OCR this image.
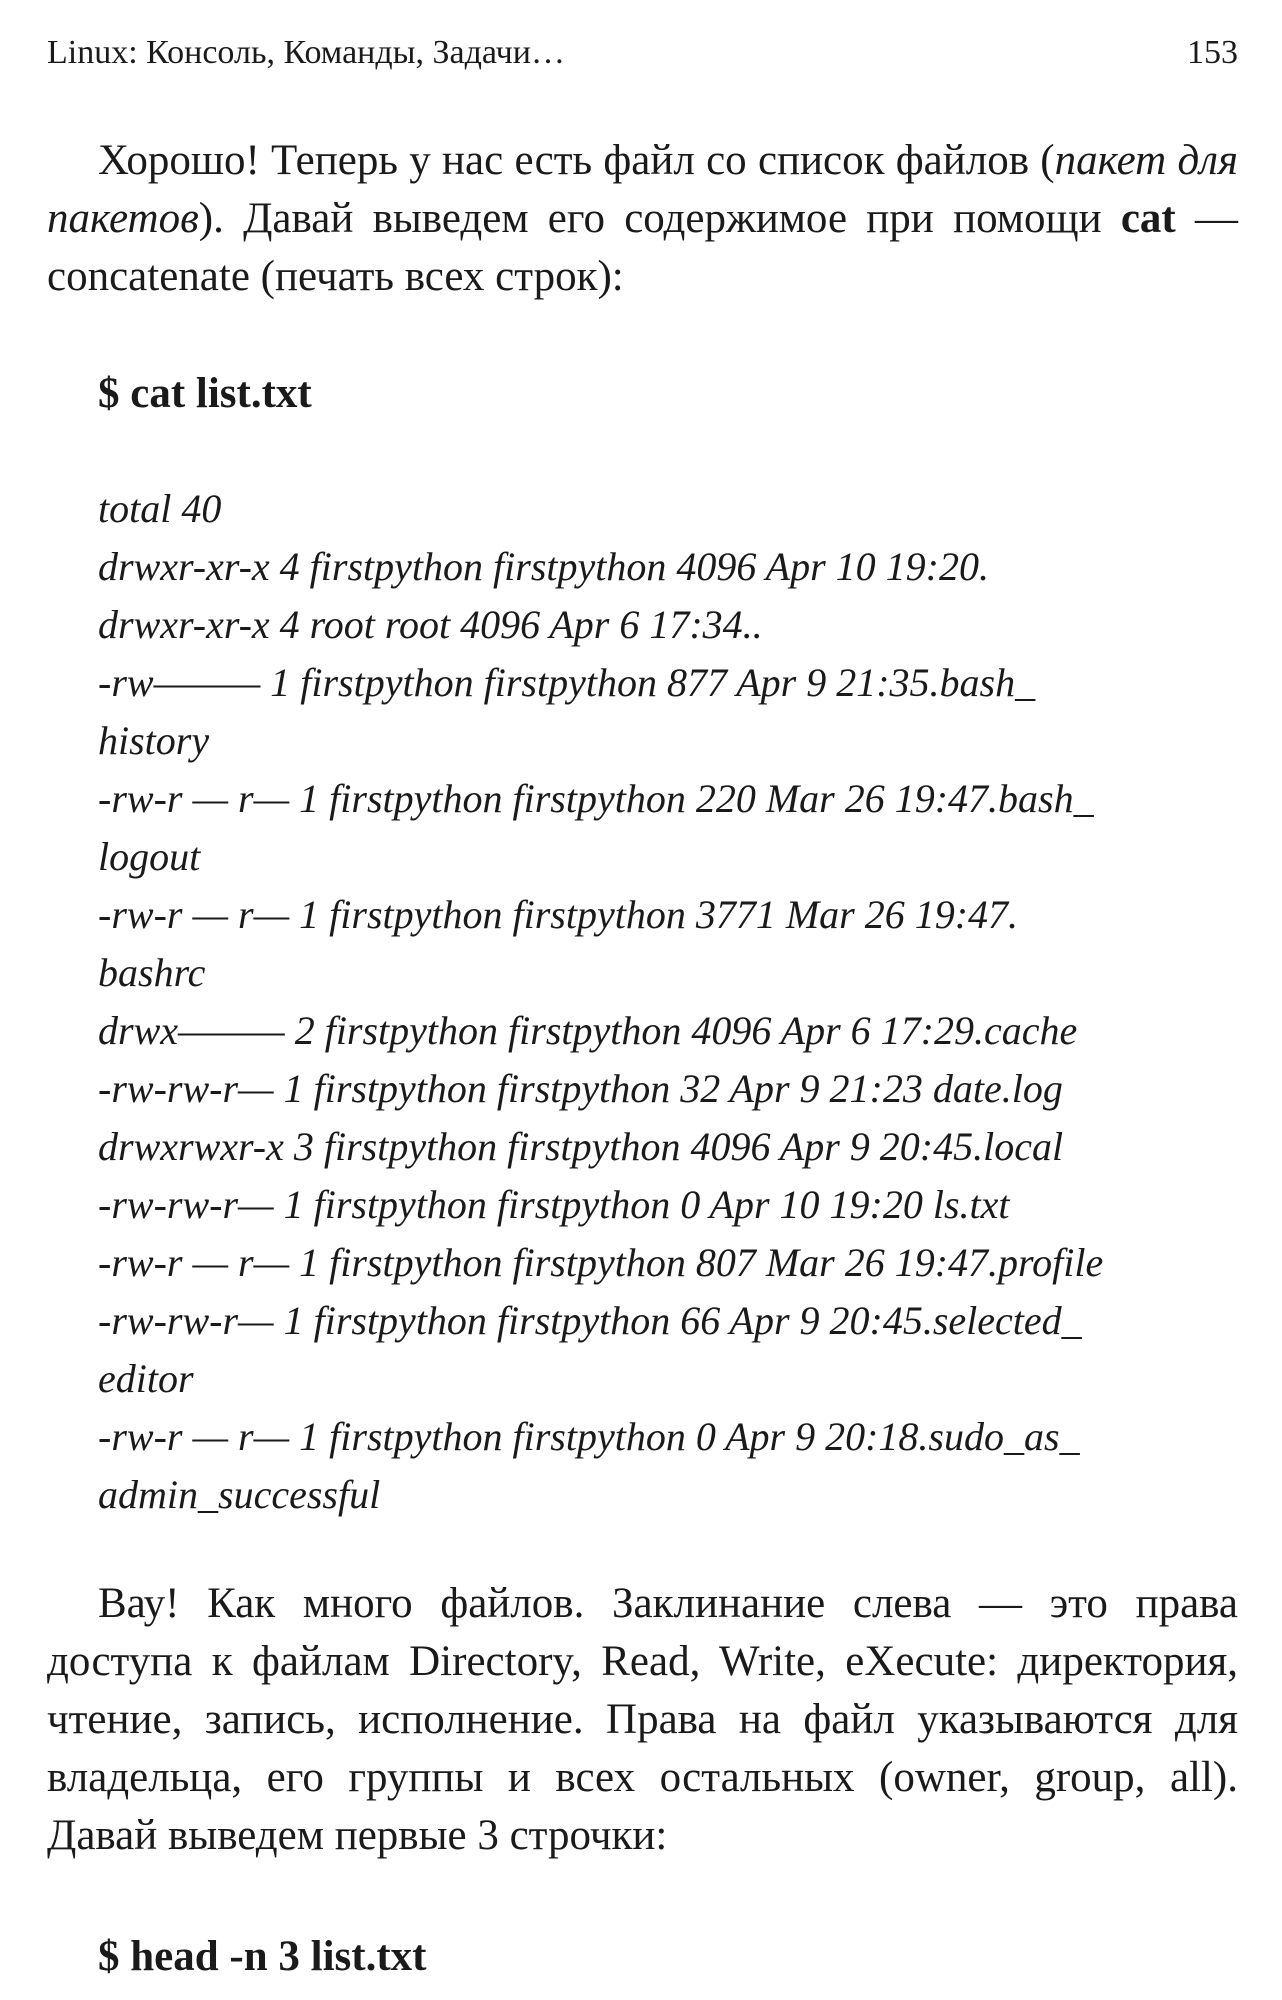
Linux: Консоль, Команды, Задачи…	153

Хорошо! Теперь у нас есть файл со список файлов (пакет для пакетов). Давай выведем его содержимое при помощи cat — concatenate (печать всех строк):

$ cat list.txt
total 40
drwxr-xr-x 4 firstpython firstpython 4096 Apr 10 19:20.
drwxr-xr-x 4 root root 4096 Apr 6 17:34..
-rw——— 1 firstpython firstpython 877 Apr 9 21:35.bash_
history
-rw-r — r— 1 firstpython firstpython 220 Mar 26 19:47.bash_
logout
-rw-r — r— 1 firstpython firstpython 3771 Mar 26 19:47.
bashrc
drwx——— 2 firstpython firstpython 4096 Apr 6 17:29.cache
-rw-rw-r— 1 firstpython firstpython 32 Apr 9 21:23 date.log
drwxrwxr-x 3 firstpython firstpython 4096 Apr 9 20:45.local
-rw-rw-r— 1 firstpython firstpython 0 Apr 10 19:20 ls.txt
-rw-r — r— 1 firstpython firstpython 807 Mar 26 19:47.profile
-rw-rw-r— 1 firstpython firstpython 66 Apr 9 20:45.selected_
editor
-rw-r — r— 1 firstpython firstpython 0 Apr 9 20:18.sudo_as_
admin_successful

Вау! Как много файлов. Заклинание слева — это права доступа к файлам Directory, Read, Write, eXecute: директория, чтение, запись, исполнение. Права на файл указываются для владельца, его группы и всех остальных (owner, group, all). Давай выведем первые 3 строчки:

$ head -n 3 list.txt
